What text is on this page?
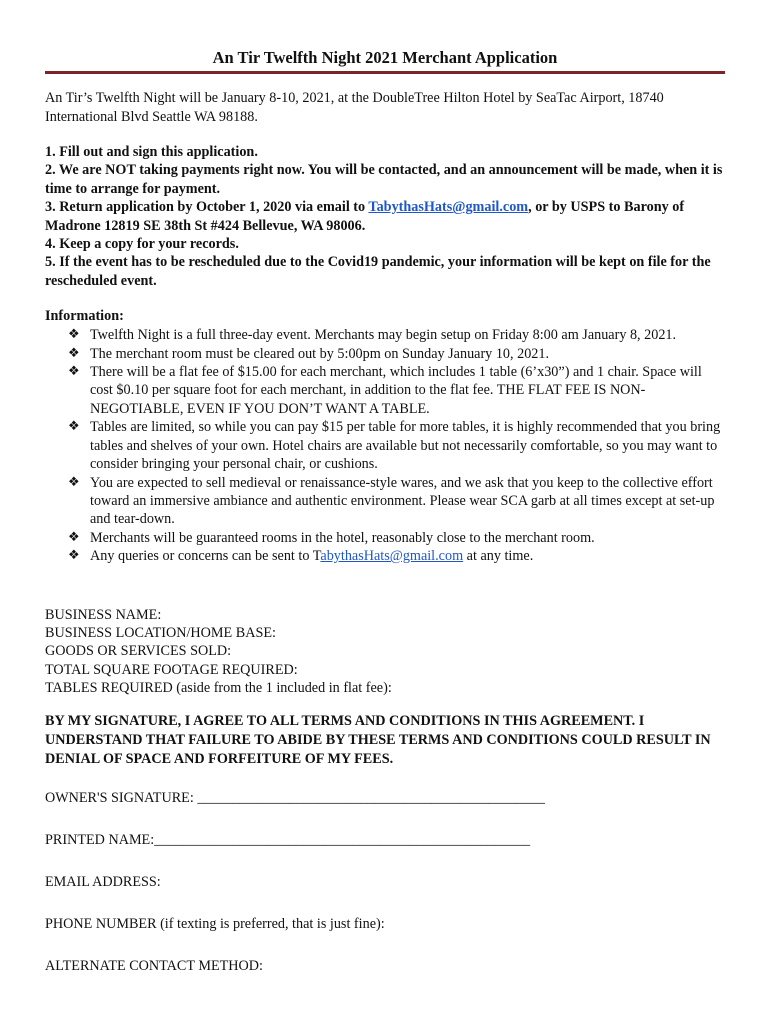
An Tir Twelfth Night 2021 Merchant Application

An Tir’s Twelfth Night will be January 8-10, 2021, at the DoubleTree Hilton Hotel by SeaTac Airport, 18740 International Blvd Seattle WA 98188.

1. Fill out and sign this application.
2. We are NOT taking payments right now. You will be contacted, and an announcement will be made, when it is time to arrange for payment.
3. Return application by October 1, 2020 via email to TabythasHats@gmail.com, or by USPS to Barony of Madrone 12819 SE 38th St #424 Bellevue, WA 98006.
4. Keep a copy for your records.
5. If the event has to be rescheduled due to the Covid19 pandemic, your information will be kept on file for the rescheduled event.
Information:
❖ Twelfth Night is a full three-day event. Merchants may begin setup on Friday 8:00 am January 8, 2021.
❖ The merchant room must be cleared out by 5:00pm on Sunday January 10, 2021.
❖ There will be a flat fee of $15.00 for each merchant, which includes 1 table (6’x30”) and 1 chair. Space will cost $0.10 per square foot for each merchant, in addition to the flat fee. THE FLAT FEE IS NON-NEGOTIABLE, EVEN IF YOU DON’T WANT A TABLE.
❖ Tables are limited, so while you can pay $15 per table for more tables, it is highly recommended that you bring tables and shelves of your own. Hotel chairs are available but not necessarily comfortable, so you may want to consider bringing your personal chair, or cushions.
❖ You are expected to sell medieval or renaissance-style wares, and we ask that you keep to the collective effort toward an immersive ambiance and authentic environment. Please wear SCA garb at all times except at set-up and tear-down.
❖ Merchants will be guaranteed rooms in the hotel, reasonably close to the merchant room.
❖ Any queries or concerns can be sent to TabythasHats@gmail.com at any time.
BUSINESS NAME:
BUSINESS LOCATION/HOME BASE:
GOODS OR SERVICES SOLD:
TOTAL SQUARE FOOTAGE REQUIRED:
TABLES REQUIRED (aside from the 1 included in flat fee):
BY MY SIGNATURE, I AGREE TO ALL TERMS AND CONDITIONS IN THIS AGREEMENT. I UNDERSTAND THAT FAILURE TO ABIDE BY THESE TERMS AND CONDITIONS COULD RESULT IN DENIAL OF SPACE AND FORFEITURE OF MY FEES.
OWNER'S SIGNATURE: _________________________________________________
PRINTED NAME:_____________________________________________________
EMAIL ADDRESS:
PHONE NUMBER (if texting is preferred, that is just fine):
ALTERNATE CONTACT METHOD:
